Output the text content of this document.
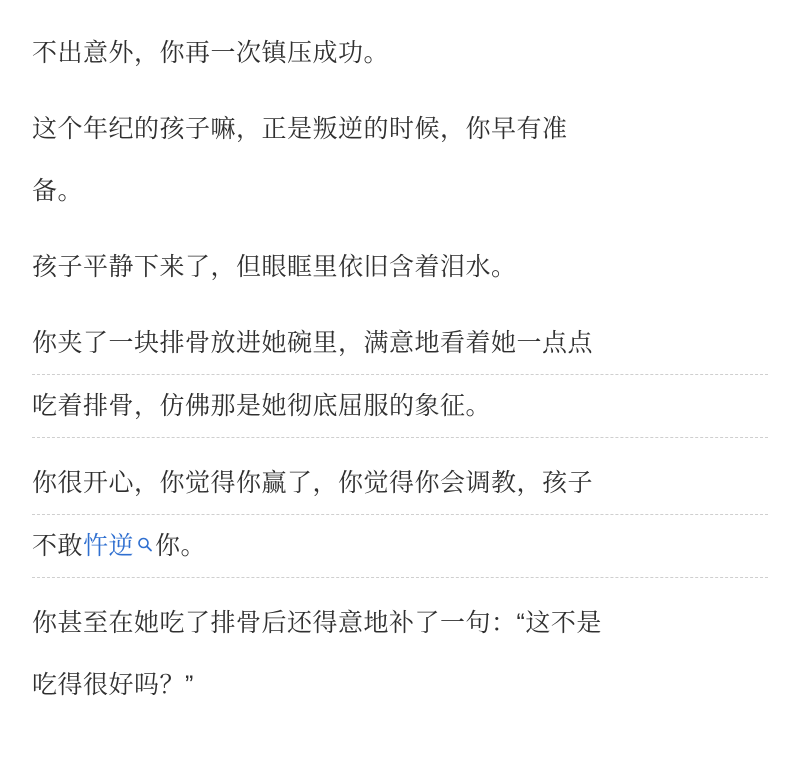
不出意外，你再一次镇压成功。

这个年纪的孩子嘛，正是叛逆的时候，你早有准
备。

孩子平静下来了，但眼眶里依旧含着泪水。

你夹了一块排骨放进她碗里，满意地看着她一点点
吃着排骨，仿佛那是她彻底屈服的象征。

你很开心，你觉得你赢了，你觉得你会调教，孩子
不敢忤逆 你。

你甚至在她吃了排骨后还得意地补了一句：“这不是
吃得很好吗？”
